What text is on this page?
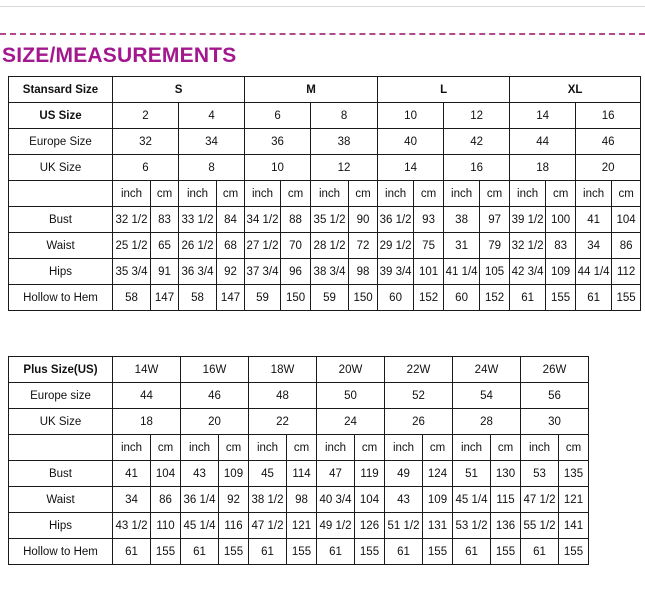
SIZE/MEASUREMENTS
Stansard Size	S				M				L				XL			
US Size	2		4		6		8		10		12		14		16	
Europe Size	32		34		36		38		40		42		44		46	
UK Size	6		8		10		12		14		16		18		20	
	inch	cm	inch	cm	inch	cm	inch	cm	inch	cm	inch	cm	inch	cm	inch	cm
Bust	32 1/2	83	33 1/2	84	34 1/2	88	35 1/2	90	36 1/2	93	38	97	39 1/2	100	41	104
Waist	25 1/2	65	26 1/2	68	27 1/2	70	28 1/2	72	29 1/2	75	31	79	32 1/2	83	34	86
Hips	35 3/4	91	36 3/4	92	37 3/4	96	38 3/4	98	39 3/4	101	41 1/4	105	42 3/4	109	44 1/4	112
Hollow to Hem	58	147	58	147	59	150	59	150	60	152	60	152	61	155	61	155
Plus Size(US)	14W		16W		18W		20W		22W		24W		26W	
Europe size	44		46		48		50		52		54		56	
UK Size	18		20		22		24		26		28		30	
	inch	cm	inch	cm	inch	cm	inch	cm	inch	cm	inch	cm	inch	cm
Bust	41	104	43	109	45	114	47	119	49	124	51	130	53	135
Waist	34	86	36 1/4	92	38 1/2	98	40 3/4	104	43	109	45 1/4	115	47 1/2	121
Hips	43 1/2	110	45 1/4	116	47 1/2	121	49 1/2	126	51 1/2	131	53 1/2	136	55 1/2	141
Hollow to Hem	61	155	61	155	61	155	61	155	61	155	61	155	61	155
